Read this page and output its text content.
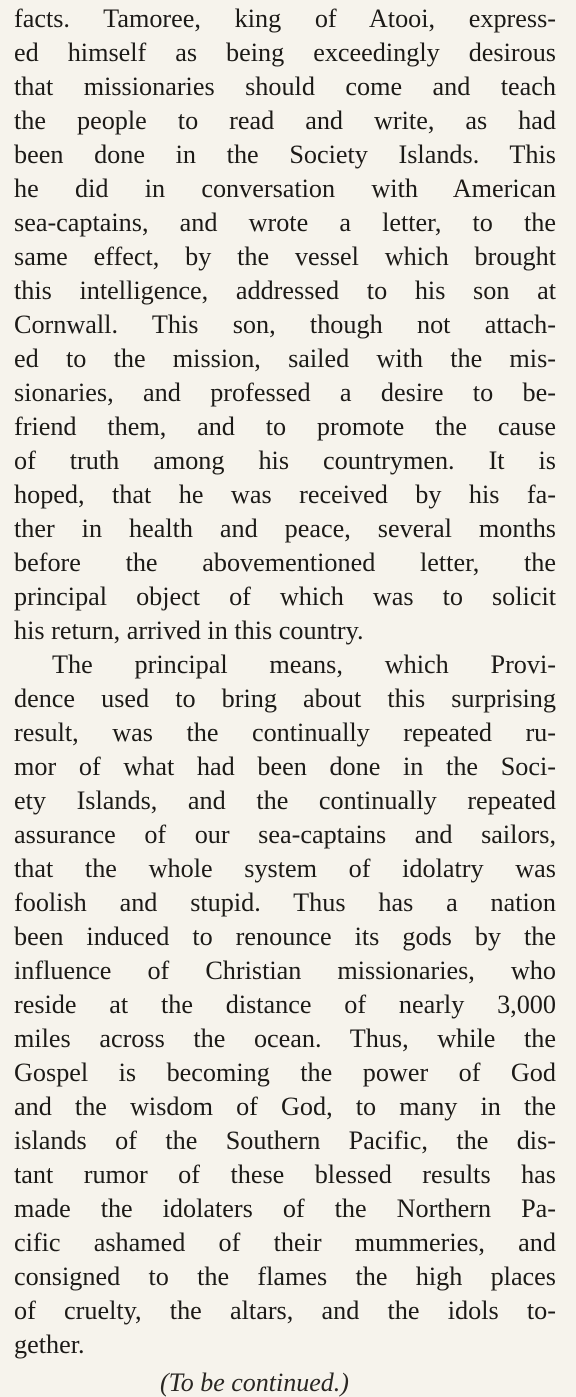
facts. Tamoree, king of Atooi, express-
ed himself as being exceedingly desirous
that missionaries should come and teach
the people to read and write, as had
been done in the Society Islands. This
he did in conversation with American
sea-captains, and wrote a letter, to the
same effect, by the vessel which brought
this intelligence, addressed to his son at
Cornwall. This son, though not attach-
ed to the mission, sailed with the mis-
sionaries, and professed a desire to be-
friend them, and to promote the cause
of truth among his countrymen. It is
hoped, that he was received by his fa-
ther in health and peace, several months
before the abovementioned letter, the
principal object of which was to solicit
his return, arrived in this country.
The principal means, which Provi-
dence used to bring about this surprising
result, was the continually repeated ru-
mor of what had been done in the Soci-
ety Islands, and the continually repeated
assurance of our sea-captains and sailors,
that the whole system of idolatry was
foolish and stupid. Thus has a nation
been induced to renounce its gods by the
influence of Christian missionaries, who
reside at the distance of nearly 3,000
miles across the ocean. Thus, while the
Gospel is becoming the power of God
and the wisdom of God, to many in the
islands of the Southern Pacific, the dis-
tant rumor of these blessed results has
made the idolaters of the Northern Pa-
cific ashamed of their mummeries, and
consigned to the flames the high places
of cruelty, the altars, and the idols to-
gether.
(To be continued.)
